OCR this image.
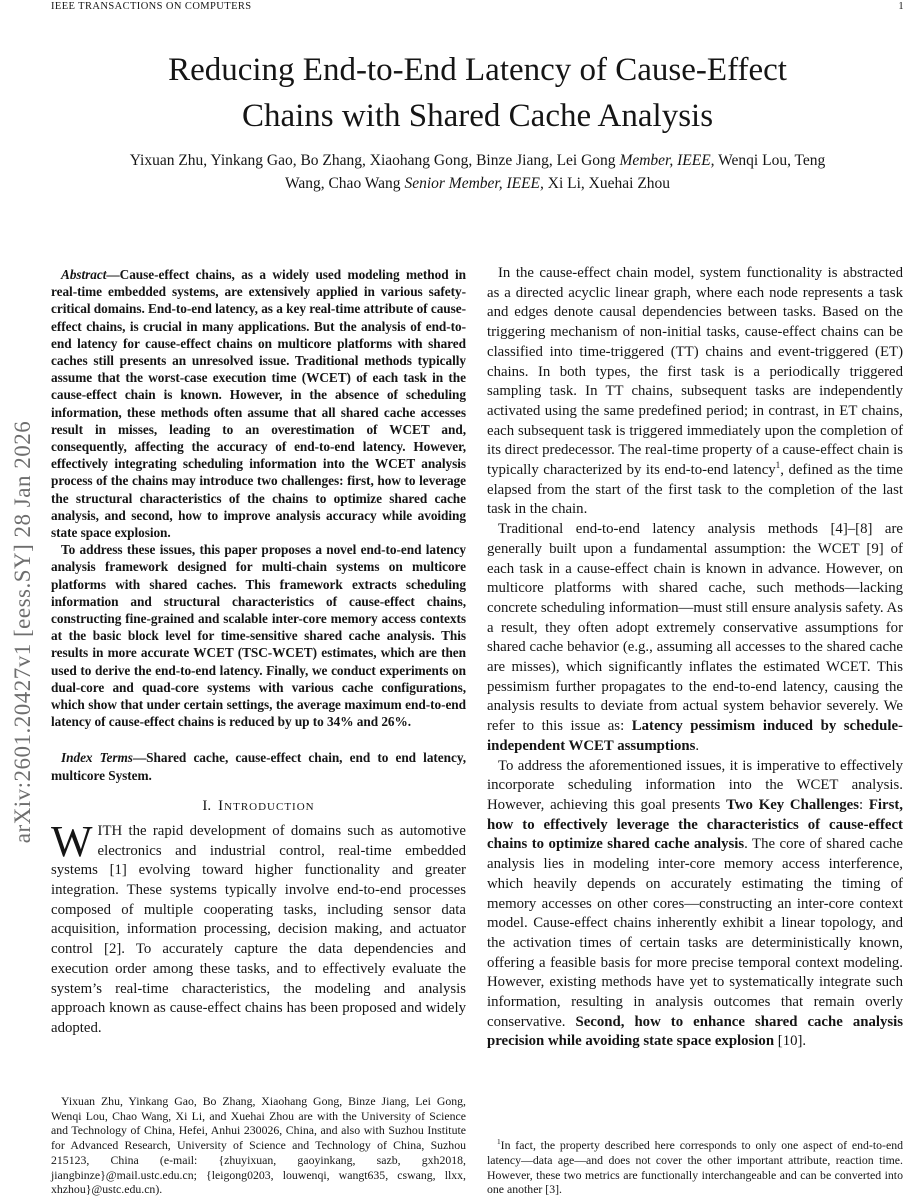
IEEE TRANSACTIONS ON COMPUTERS	1
arXiv:2601.20427v1 [eess.SY] 28 Jan 2026
Reducing End-to-End Latency of Cause-Effect
Chains with Shared Cache Analysis
Yixuan Zhu, Yinkang Gao, Bo Zhang, Xiaohang Gong, Binze Jiang, Lei Gong Member, IEEE, Wenqi Lou, Teng
Wang, Chao Wang Senior Member, IEEE, Xi Li, Xuehai Zhou

Abstract—Cause-effect chains, as a widely used modeling method in real-time embedded systems, are extensively applied in various safety-critical domains. End-to-end latency, as a key real-time attribute of cause-effect chains, is crucial in many applications. But the analysis of end-to-end latency for cause-effect chains on multicore platforms with shared caches still presents an unresolved issue. Traditional methods typically assume that the worst-case execution time (WCET) of each task in the cause-effect chain is known. However, in the absence of scheduling information, these methods often assume that all shared cache accesses result in misses, leading to an overestimation of WCET and, consequently, affecting the accuracy of end-to-end latency. However, effectively integrating scheduling information into the WCET analysis process of the chains may introduce two challenges: first, how to leverage the structural characteristics of the chains to optimize shared cache analysis, and second, how to improve analysis accuracy while avoiding state space explosion.

To address these issues, this paper proposes a novel end-to-end latency analysis framework designed for multi-chain systems on multicore platforms with shared caches. This framework extracts scheduling information and structural characteristics of cause-effect chains, constructing fine-grained and scalable inter-core memory access contexts at the basic block level for time-sensitive shared cache analysis. This results in more accurate WCET (TSC-WCET) estimates, which are then used to derive the end-to-end latency. Finally, we conduct experiments on dual-core and quad-core systems with various cache configurations, which show that under certain settings, the average maximum end-to-end latency of cause-effect chains is reduced by up to 34% and 26%.

Index Terms—Shared cache, cause-effect chain, end to end latency, multicore System.

I. Introduction

WITH the rapid development of domains such as automotive electronics and industrial control, real-time embedded systems [1] evolving toward higher functionality and greater integration. These systems typically involve end-to-end processes composed of multiple cooperating tasks, including sensor data acquisition, information processing, decision making, and actuator control [2]. To accurately capture the data dependencies and execution order among these tasks, and to effectively evaluate the system’s real-time characteristics, the modeling and analysis approach known as cause-effect chains has been proposed and widely adopted.

Yixuan Zhu, Yinkang Gao, Bo Zhang, Xiaohang Gong, Binze Jiang, Lei Gong, Wenqi Lou, Chao Wang, Xi Li, and Xuehai Zhou are with the University of Science and Technology of China, Hefei, Anhui 230026, China, and also with Suzhou Institute for Advanced Research, University of Science and Technology of China, Suzhou 215123, China (e-mail: {zhuyixuan, gaoyinkang, sazb, gxh2018, jiangbinze}@mail.ustc.edu.cn; {leigong0203, louwenqi, wangt635, cswang, llxx, xhzhou}@ustc.edu.cn).

In the cause-effect chain model, system functionality is abstracted as a directed acyclic linear graph, where each node represents a task and edges denote causal dependencies between tasks. Based on the triggering mechanism of non-initial tasks, cause-effect chains can be classified into time-triggered (TT) chains and event-triggered (ET) chains. In both types, the first task is a periodically triggered sampling task. In TT chains, subsequent tasks are independently activated using the same predefined period; in contrast, in ET chains, each subsequent task is triggered immediately upon the completion of its direct predecessor. The real-time property of a cause-effect chain is typically characterized by its end-to-end latency$^1$, defined as the time elapsed from the start of the first task to the completion of the last task in the chain.

Traditional end-to-end latency analysis methods [4]–[8] are generally built upon a fundamental assumption: the WCET [9] of each task in a cause-effect chain is known in advance. However, on multicore platforms with shared cache, such methods—lacking concrete scheduling information—must still ensure analysis safety. As a result, they often adopt extremely conservative assumptions for shared cache behavior (e.g., assuming all accesses to the shared cache are misses), which significantly inflates the estimated WCET. This pessimism further propagates to the end-to-end latency, causing the analysis results to deviate from actual system behavior severely. We refer to this issue as: Latency pessimism induced by schedule-independent WCET assumptions.

To address the aforementioned issues, it is imperative to effectively incorporate scheduling information into the WCET analysis. However, achieving this goal presents Two Key Challenges: First, how to effectively leverage the characteristics of cause-effect chains to optimize shared cache analysis. The core of shared cache analysis lies in modeling inter-core memory access interference, which heavily depends on accurately estimating the timing of memory accesses on other cores—constructing an inter-core context model. Cause-effect chains inherently exhibit a linear topology, and the activation times of certain tasks are deterministically known, offering a feasible basis for more precise temporal context modeling. However, existing methods have yet to systematically integrate such information, resulting in analysis outcomes that remain overly conservative. Second, how to enhance shared cache analysis precision while avoiding state space explosion [10].

$^1$In fact, the property described here corresponds to only one aspect of end-to-end latency—data age—and does not cover the other important attribute, reaction time. However, these two metrics are functionally interchangeable and can be converted into one another [3].
